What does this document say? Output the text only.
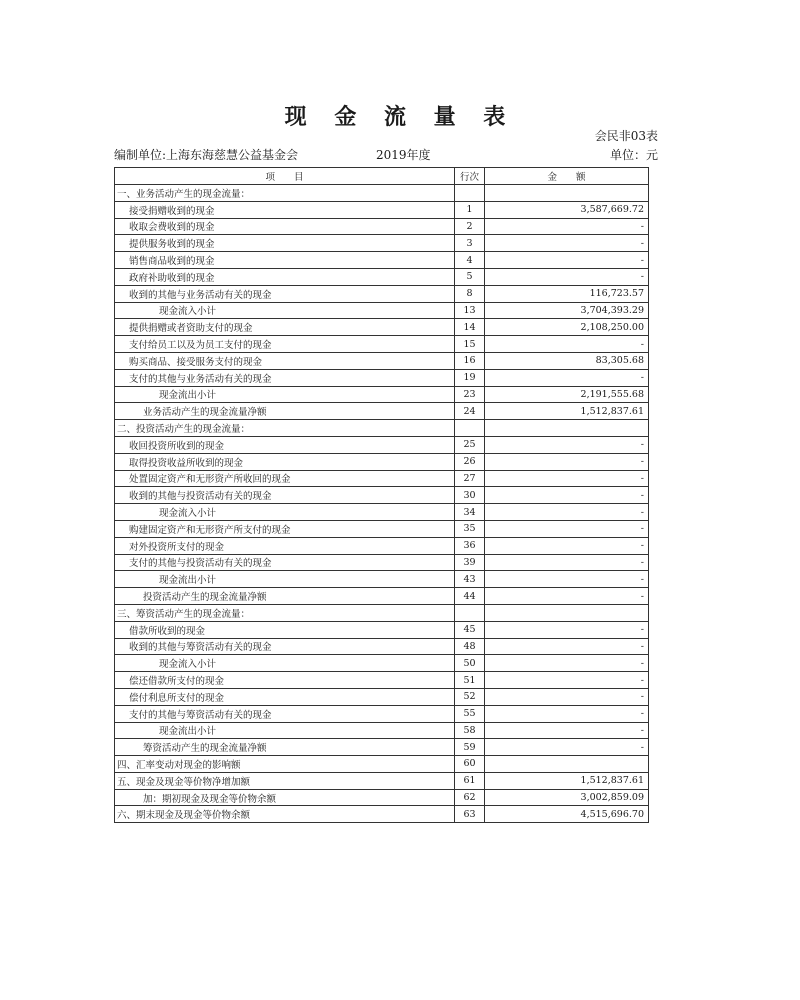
现 金 流 量 表
会民非03表
编制单位:上海东海慈慧公益基金会	2019年度	单位：元
项　　目	行次	金　　额
一、业务活动产生的现金流量：		
接受捐赠收到的现金	1	3,587,669.72
收取会费收到的现金	2	-
提供服务收到的现金	3	-
销售商品收到的现金	4	-
政府补助收到的现金	5	-
收到的其他与业务活动有关的现金	8	116,723.57
现金流入小计	13	3,704,393.29
提供捐赠或者资助支付的现金	14	2,108,250.00
支付给员工以及为员工支付的现金	15	-
购买商品、接受服务支付的现金	16	83,305.68
支付的其他与业务活动有关的现金	19	-
现金流出小计	23	2,191,555.68
业务活动产生的现金流量净额	24	1,512,837.61
二、投资活动产生的现金流量：		
收回投资所收到的现金	25	-
取得投资收益所收到的现金	26	-
处置固定资产和无形资产所收回的现金	27	-
收到的其他与投资活动有关的现金	30	-
现金流入小计	34	-
购建固定资产和无形资产所支付的现金	35	-
对外投资所支付的现金	36	-
支付的其他与投资活动有关的现金	39	-
现金流出小计	43	-
投资活动产生的现金流量净额	44	-
三、筹资活动产生的现金流量：		
借款所收到的现金	45	-
收到的其他与筹资活动有关的现金	48	-
现金流入小计	50	-
偿还借款所支付的现金	51	-
偿付利息所支付的现金	52	-
支付的其他与筹资活动有关的现金	55	-
现金流出小计	58	-
筹资活动产生的现金流量净额	59	-
四、汇率变动对现金的影响额	60	
五、现金及现金等价物净增加额	61	1,512,837.61
加：期初现金及现金等价物余额	62	3,002,859.09
六、期末现金及现金等价物余额	63	4,515,696.70
